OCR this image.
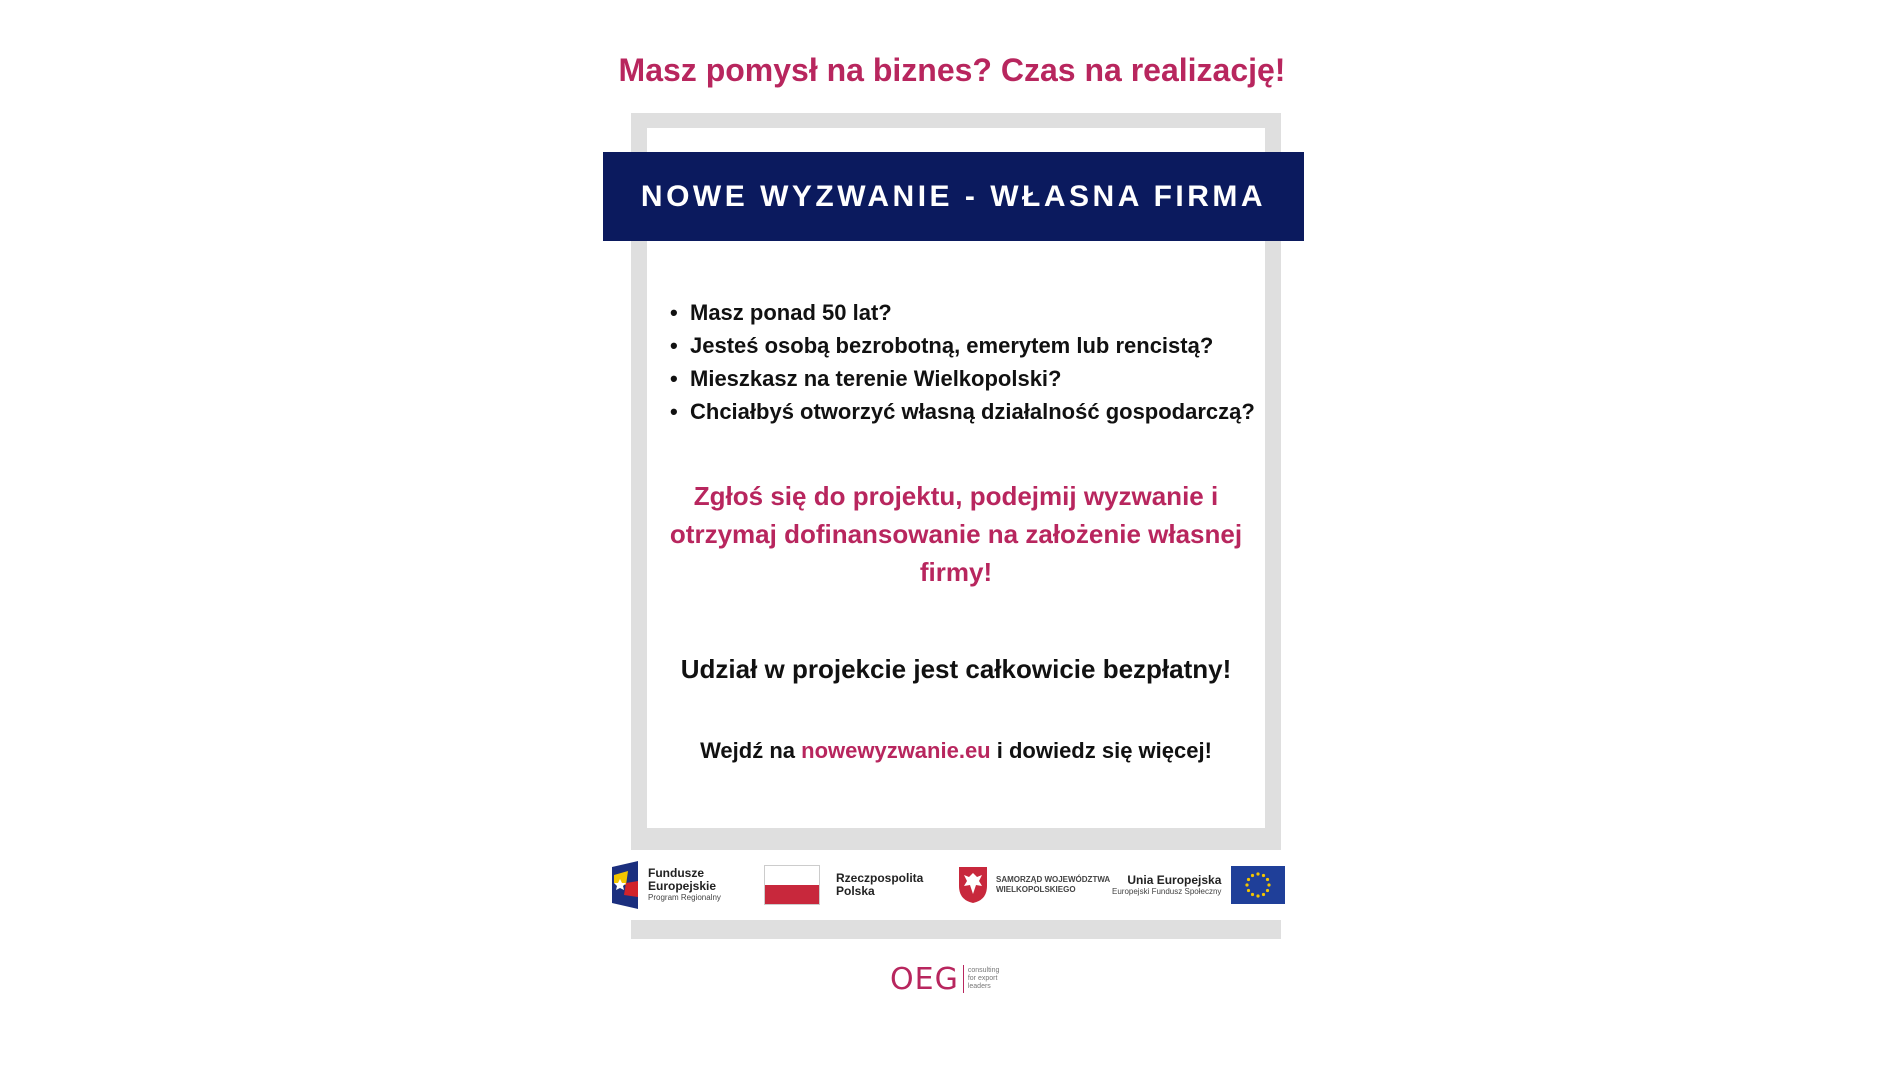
Masz pomysł na biznes? Czas na realizację!
NOWE WYZWANIE - WŁASNA FIRMA
• Masz ponad 50 lat?
• Jesteś osobą bezrobotną, emerytem lub rencistą?
• Mieszkasz na terenie Wielkopolski?
• Chciałbyś otworzyć własną działalność gospodarczą?
Zgłoś się do projektu, podejmij wyzwanie i otrzymaj dofinansowanie na założenie własnej firmy!
Udział w projekcie jest całkowicie bezpłatny!
Wejdź na nowewyzwanie.eu i dowiedz się więcej!
Fundusze
Europejskie
Program Regionalny
Rzeczpospolita
Polska
SAMORZĄD WOJEWÓDZTWA
WIELKOPOLSKIEGO
Unia Europejska
Europejski Fundusz Społeczny
OEG consulting
for export
leaders
